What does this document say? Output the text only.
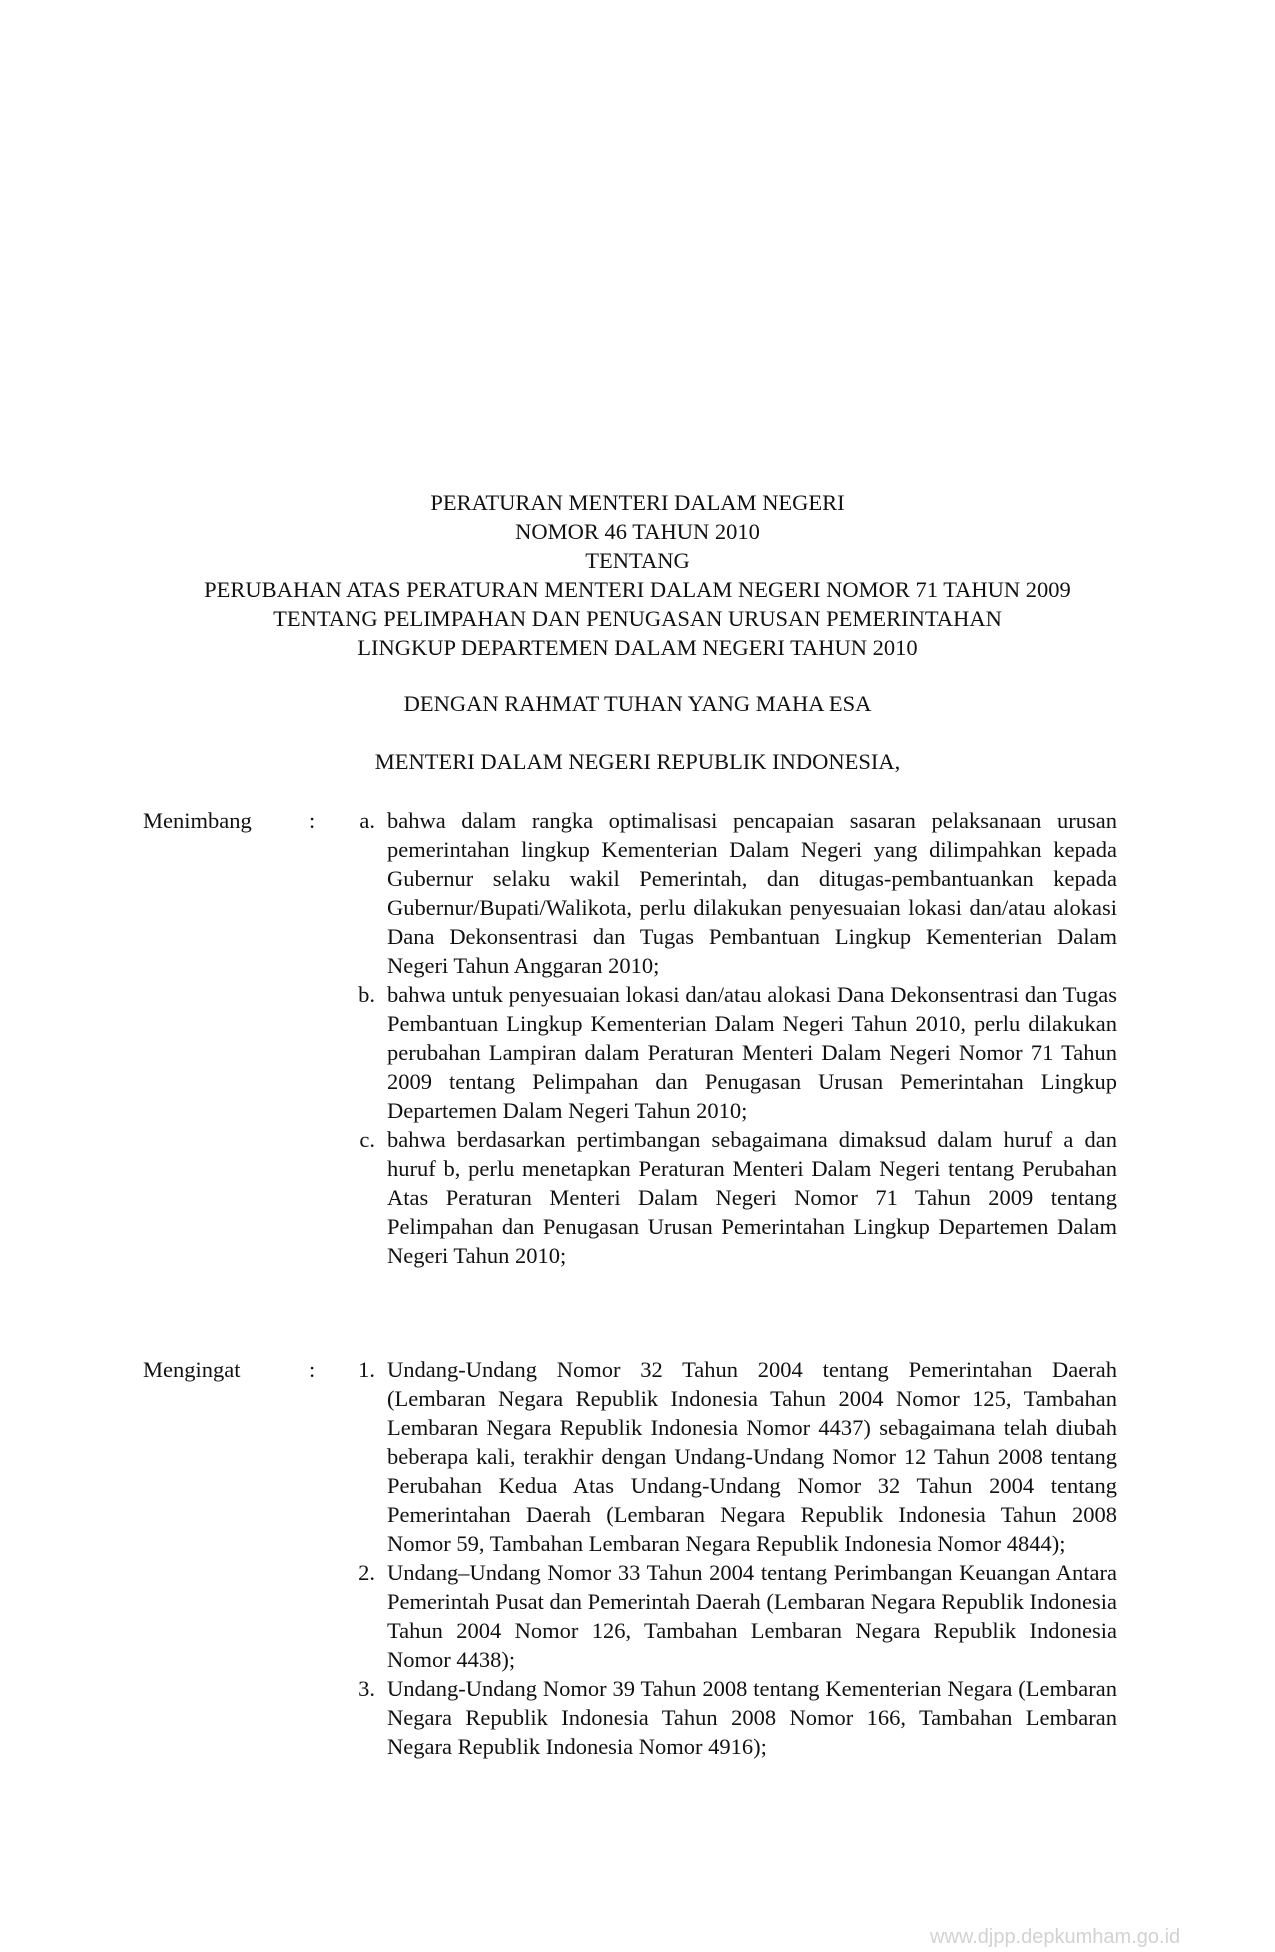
PERATURAN MENTERI DALAM NEGERI
NOMOR 46 TAHUN 2010
TENTANG
PERUBAHAN ATAS PERATURAN MENTERI DALAM NEGERI NOMOR 71 TAHUN 2009
TENTANG PELIMPAHAN DAN PENUGASAN URUSAN PEMERINTAHAN
LINGKUP DEPARTEMEN DALAM NEGERI TAHUN 2010
DENGAN RAHMAT TUHAN YANG MAHA ESA
MENTERI DALAM NEGERI REPUBLIK INDONESIA,
Menimbang	:	a. bahwa dalam rangka optimalisasi pencapaian sasaran pelaksanaan urusan pemerintahan lingkup Kementerian Dalam Negeri yang dilimpahkan kepada Gubernur selaku wakil Pemerintah, dan ditugas-pembantuankan kepada Gubernur/Bupati/Walikota, perlu dilakukan penyesuaian lokasi dan/atau alokasi Dana Dekonsentrasi dan Tugas Pembantuan Lingkup Kementerian Dalam Negeri Tahun Anggaran 2010;
b. bahwa untuk penyesuaian lokasi dan/atau alokasi Dana Dekonsentrasi dan Tugas Pembantuan Lingkup Kementerian Dalam Negeri Tahun 2010, perlu dilakukan perubahan Lampiran dalam Peraturan Menteri Dalam Negeri Nomor 71 Tahun 2009 tentang Pelimpahan dan Penugasan Urusan Pemerintahan Lingkup Departemen Dalam Negeri Tahun 2010;
c. bahwa berdasarkan pertimbangan sebagaimana dimaksud dalam huruf a dan huruf b, perlu menetapkan Peraturan Menteri Dalam Negeri tentang Perubahan Atas Peraturan Menteri Dalam Negeri Nomor 71 Tahun 2009 tentang Pelimpahan dan Penugasan Urusan Pemerintahan Lingkup Departemen Dalam Negeri Tahun 2010;
Mengingat	:	1. Undang-Undang Nomor 32 Tahun 2004 tentang Pemerintahan Daerah (Lembaran Negara Republik Indonesia Tahun 2004 Nomor 125, Tambahan Lembaran Negara Republik Indonesia Nomor 4437) sebagaimana telah diubah beberapa kali, terakhir dengan Undang-Undang Nomor 12 Tahun 2008 tentang Perubahan Kedua Atas Undang-Undang Nomor 32 Tahun 2004 tentang Pemerintahan Daerah (Lembaran Negara Republik Indonesia Tahun 2008 Nomor 59, Tambahan Lembaran Negara Republik Indonesia Nomor 4844);
2. Undang–Undang Nomor 33 Tahun 2004 tentang Perimbangan Keuangan Antara Pemerintah Pusat dan Pemerintah Daerah (Lembaran Negara Republik Indonesia Tahun 2004 Nomor 126, Tambahan Lembaran Negara Republik Indonesia Nomor 4438);
3. Undang-Undang Nomor 39 Tahun 2008 tentang Kementerian Negara (Lembaran Negara Republik Indonesia Tahun 2008 Nomor 166, Tambahan Lembaran Negara Republik Indonesia Nomor 4916);
www.djpp.depkumham.go.id
